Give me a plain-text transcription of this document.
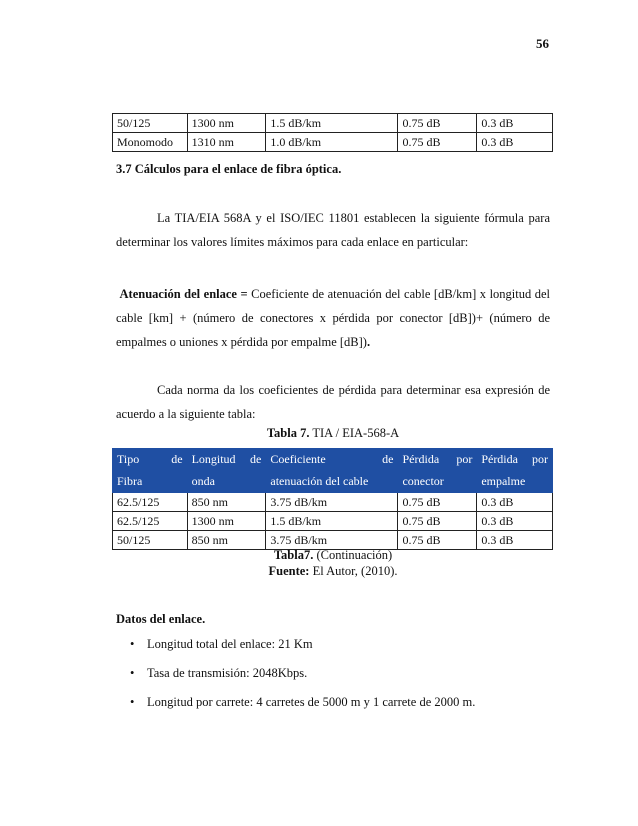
56
50/125	1300 nm	1.5 dB/km	0.75 dB	0.3 dB
Monomodo	1310 nm	1.0 dB/km	0.75 dB	0.3 dB
3.7 Cálculos para el enlace de fibra óptica.
La TIA/EIA 568A y el ISO/IEC 11801 establecen la siguiente fórmula para determinar los valores límites máximos para cada enlace en particular:
Atenuación del enlace = Coeficiente de atenuación del cable [dB/km] x longitud del cable [km] + (número de conectores x pérdida por conector [dB])+ (número de empalmes o uniones x pérdida por empalme [dB]).
Cada norma da los coeficientes de pérdida para determinar esa expresión de acuerdo a la siguiente tabla:
Tabla 7. TIA / EIA-568-A
Tipo de	Longitud de	Coeficiente de	Pérdida por	Pérdida por
Fibra	onda	atenuación del cable	conector	empalme
62.5/125	850 nm	3.75 dB/km	0.75 dB	0.3 dB
62.5/125	1300 nm	1.5 dB/km	0.75 dB	0.3 dB
50/125	850 nm	3.75 dB/km	0.75 dB	0.3 dB
Tabla7. (Continuación)
Fuente: El Autor, (2010).
Datos del enlace.
• Longitud total del enlace: 21 Km
• Tasa de transmisión: 2048Kbps.
• Longitud por carrete: 4 carretes de 5000 m y 1 carrete de 2000 m.
